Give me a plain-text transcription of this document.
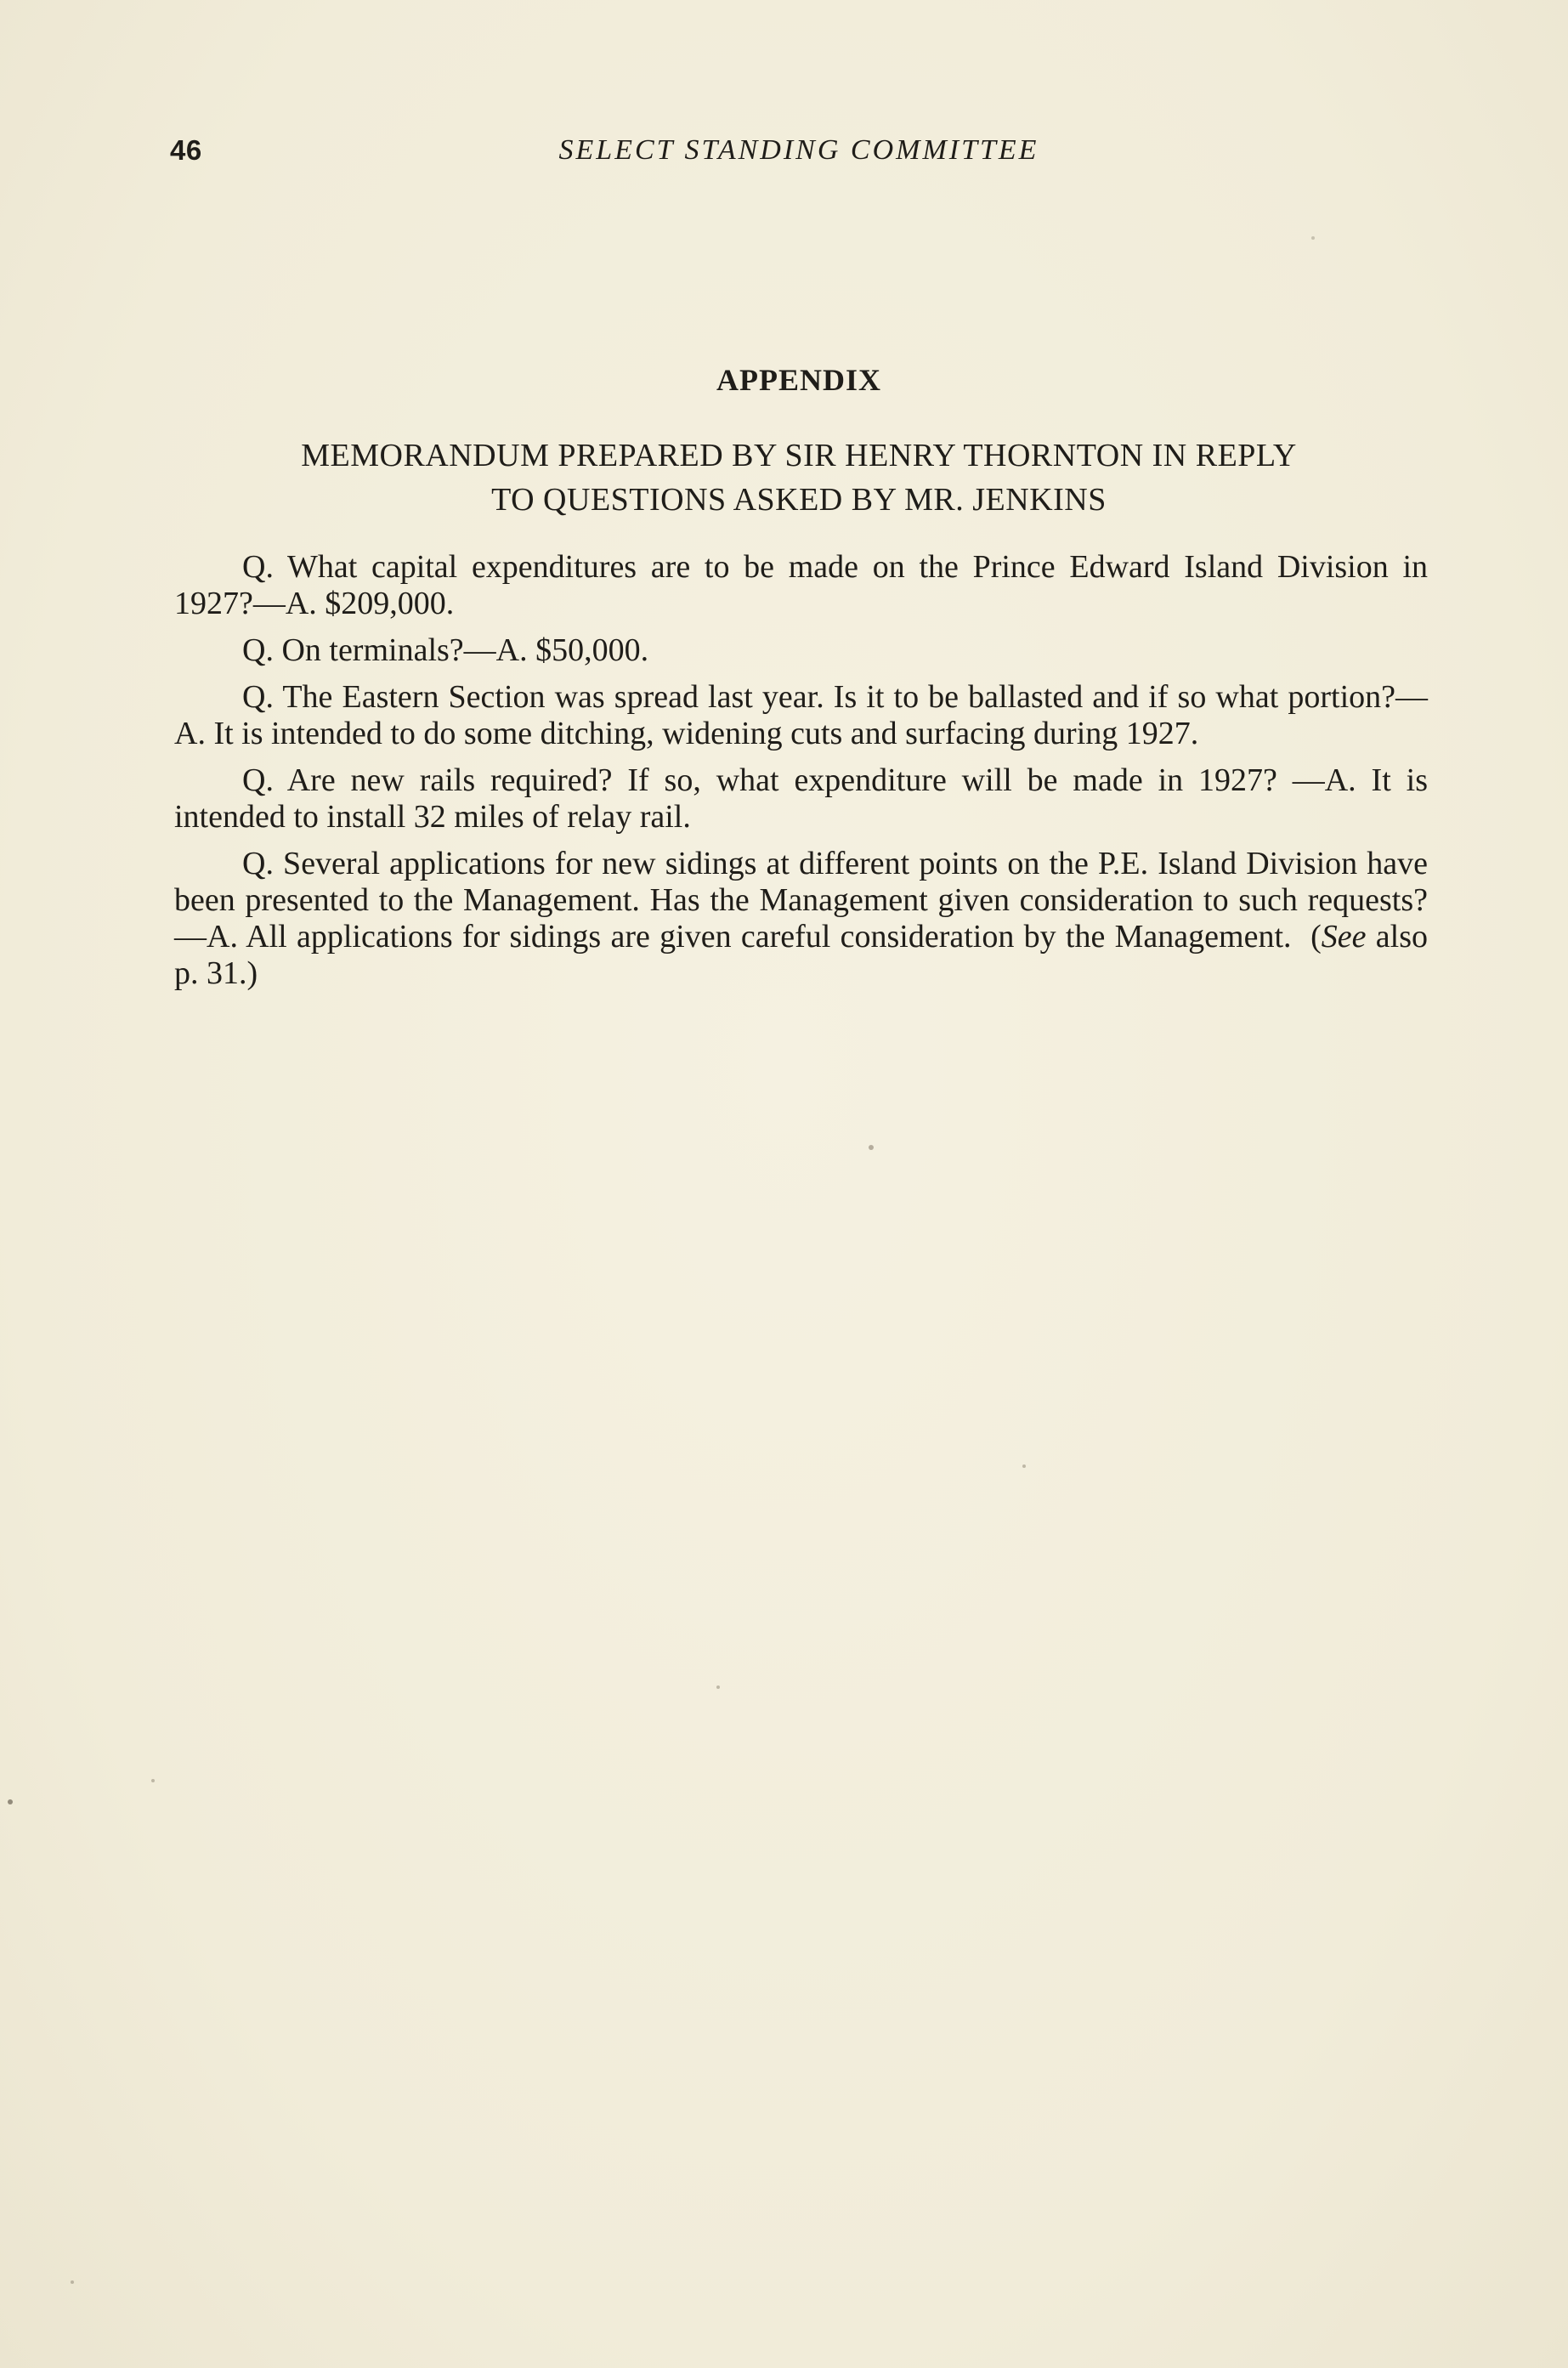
46	SELECT STANDING COMMITTEE
APPENDIX
MEMORANDUM PREPARED BY SIR HENRY THORNTON IN REPLY
TO QUESTIONS ASKED BY MR. JENKINS

Q. What capital expenditures are to be made on the Prince Edward Island Division in 1927?—A. $209,000.

Q. On terminals?—A. $50,000.

Q. The Eastern Section was spread last year. Is it to be ballasted and if so what portion?—A. It is intended to do some ditching, widening cuts and surfacing during 1927.

Q. Are new rails required? If so, what expenditure will be made in 1927? —A. It is intended to install 32 miles of relay rail.

Q. Several applications for new sidings at different points on the P.E. Island Division have been presented to the Management. Has the Management given consideration to such requests?—A. All applications for sidings are given careful consideration by the Management. (See also p. 31.)
